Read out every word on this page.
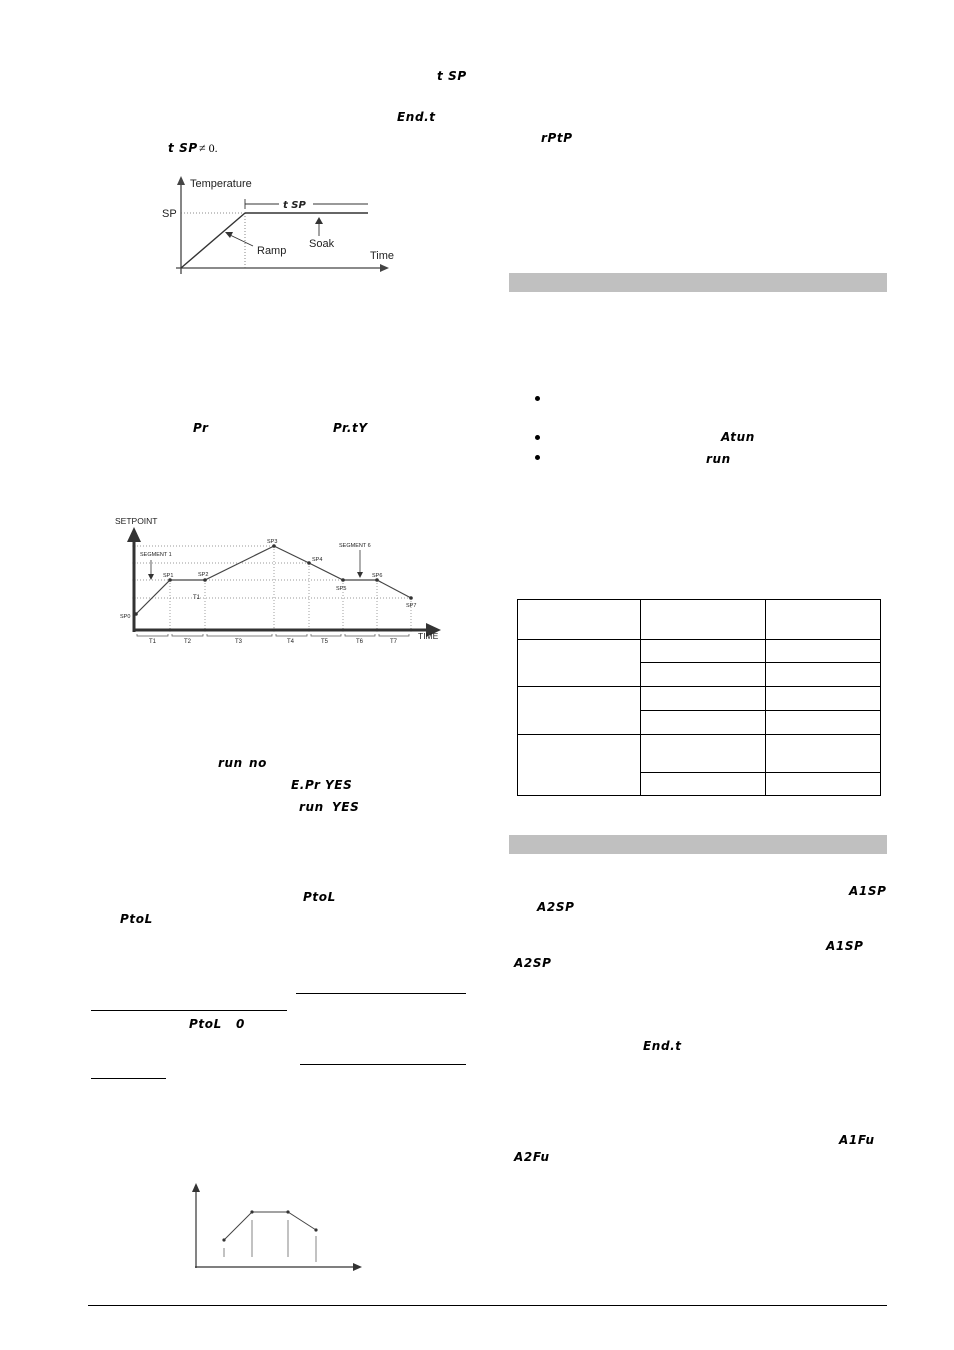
t SP
End.t
t SP ≠ 0.
Temperature
SP
t SP
Ramp
Soak
Time
Pr	Pr.tY
SETPOINT
TIME
SEGMENT 1
SEGMENT 6
T1
SP0
SP1	SP2
SP3
SP4
SP5
SP6
SP7
T1	T2	T3	T4	T5	T6	T7
run no
E.Pr YES
run YES
PtoL
PtoL
PtoL 0
rPtP
Atun
run

A1SP
A2SP
A1SP
A2SP
End.t
A1Fu
A2Fu
